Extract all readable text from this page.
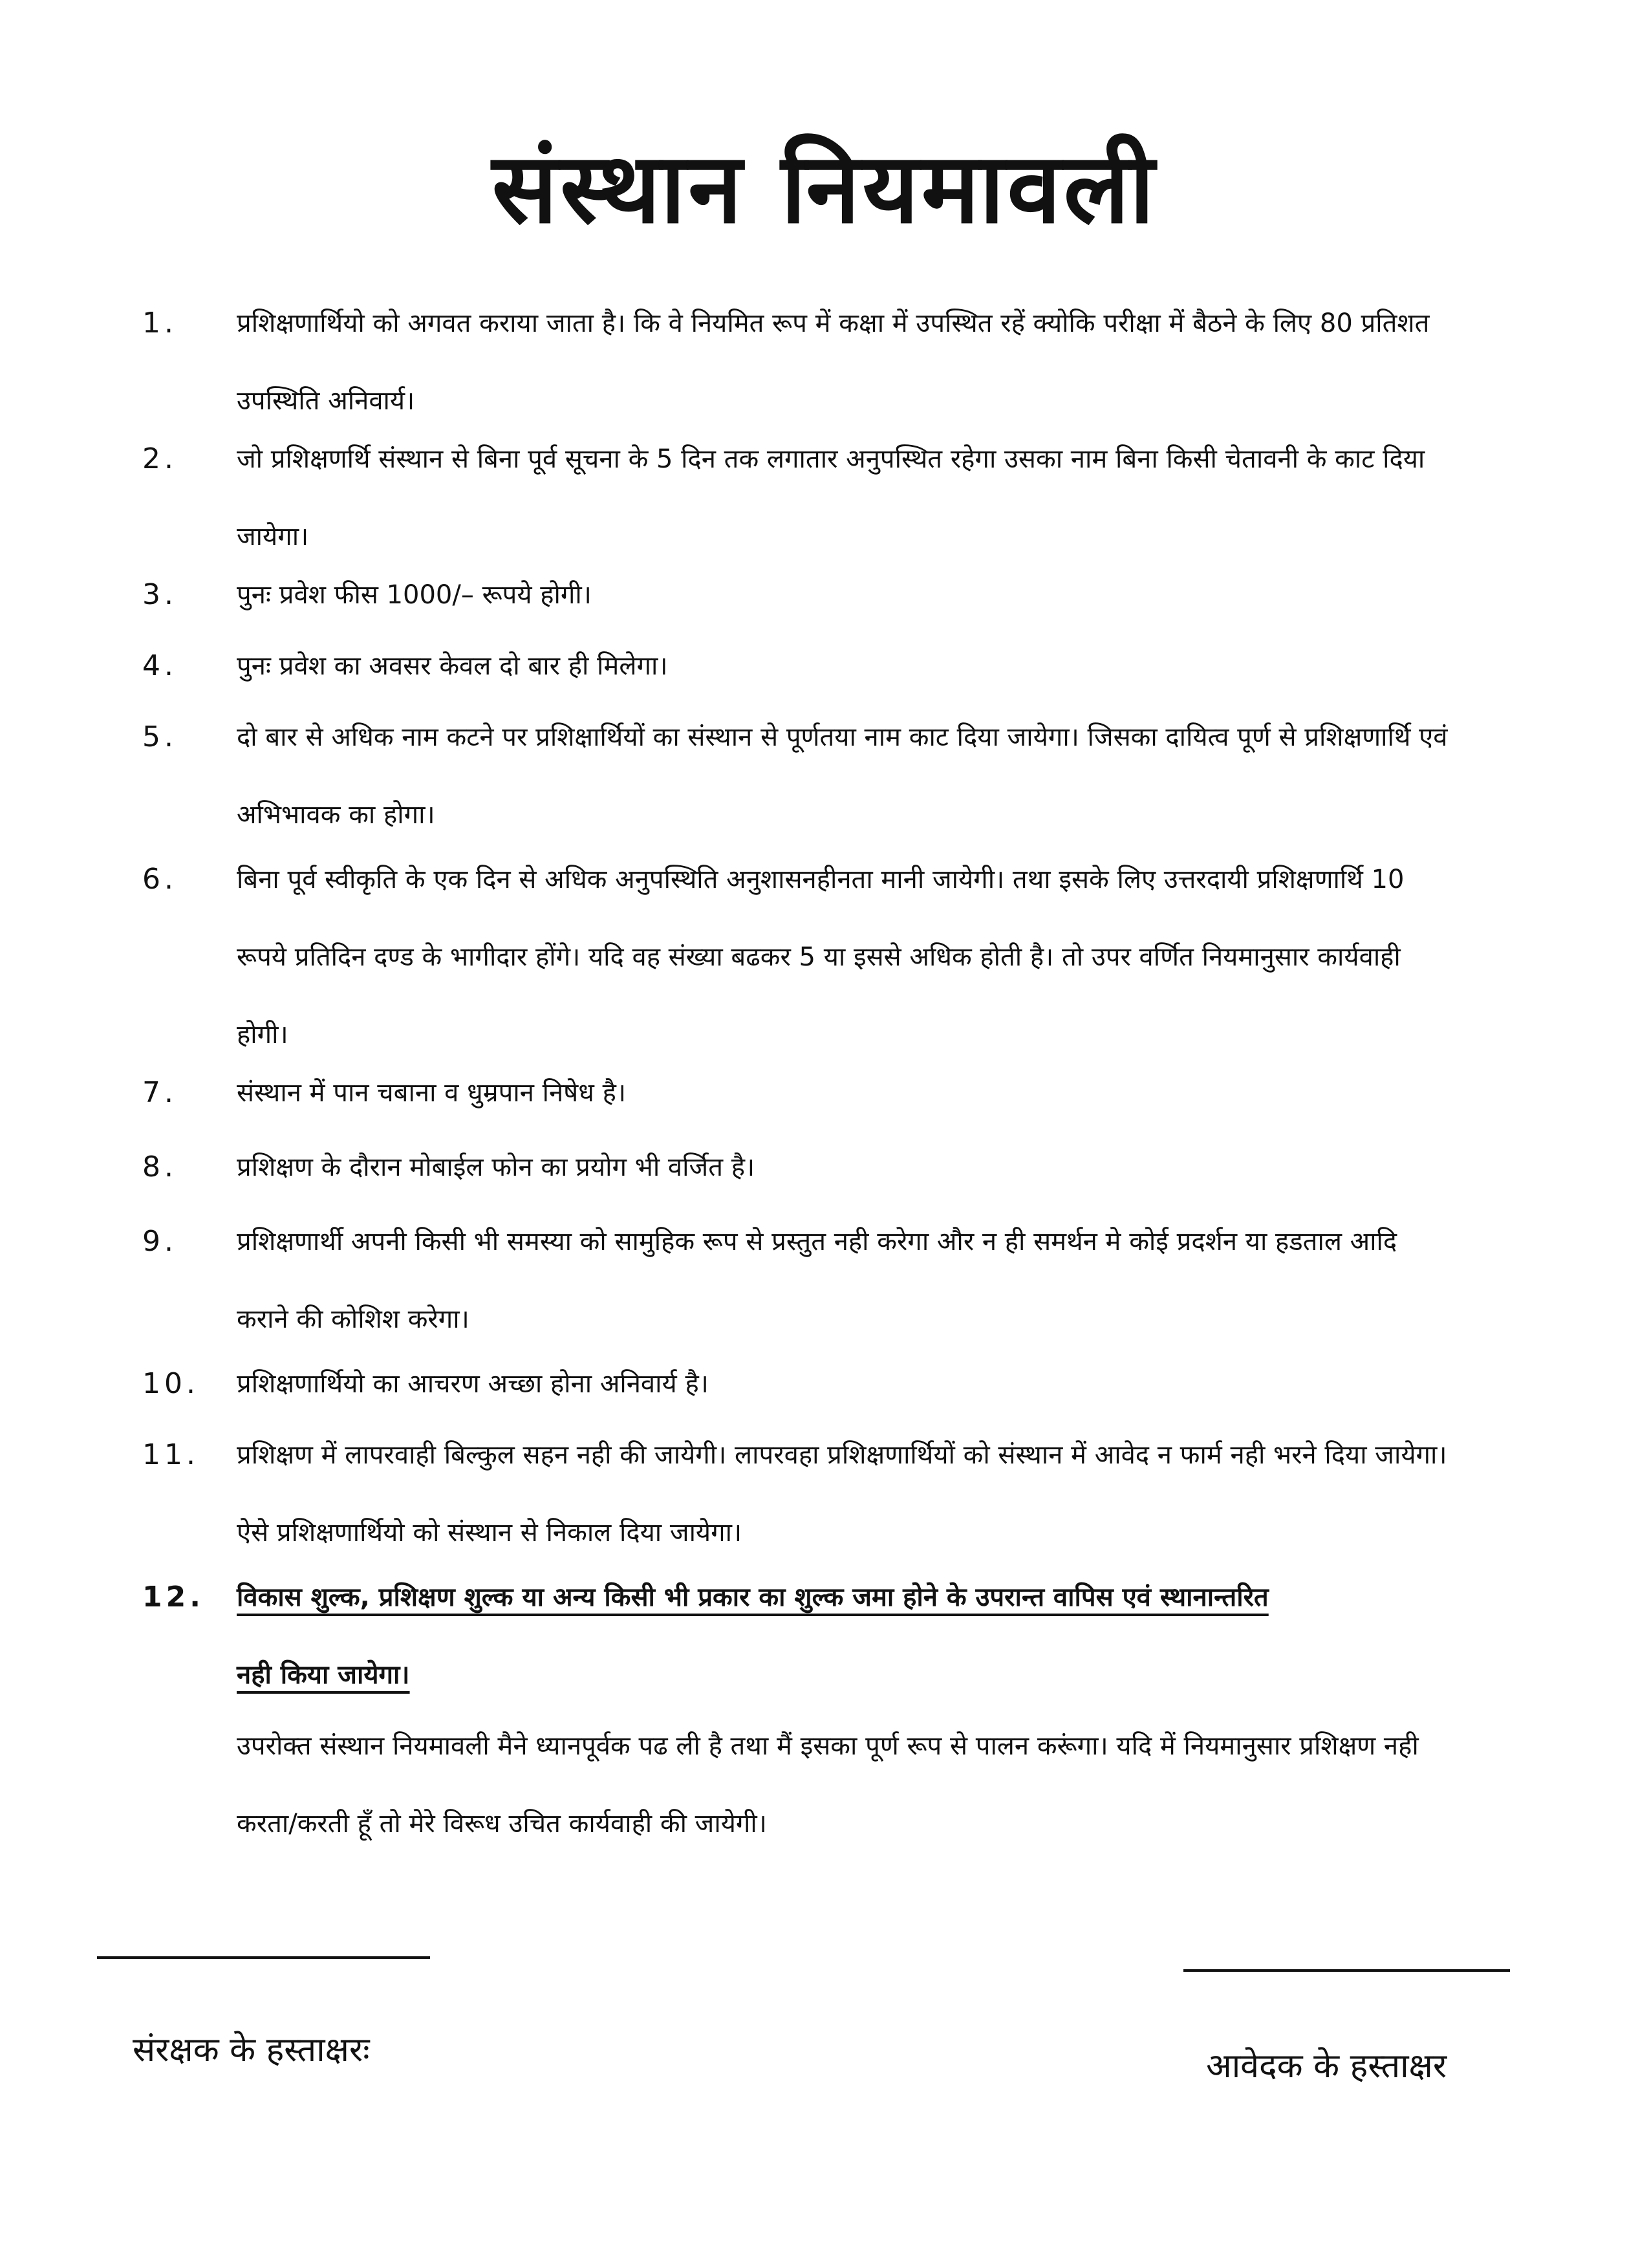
संस्थान नियमावली
1.	प्रशिक्षणार्थियो को अगवत कराया जाता है। कि वे नियमित रूप में कक्षा में उपस्थित रहें क्योकि परीक्षा में बैठने के लिए 80 प्रतिशत
उपस्थिति अनिवार्य।
2.	जो प्रशिक्षणर्थि संस्थान से बिना पूर्व सूचना के 5 दिन तक लगातार अनुपस्थित रहेगा उसका नाम बिना किसी चेतावनी के काट दिया
जायेगा।
3.	पुनः प्रवेश फीस 1000/– रूपये होगी।
4.	पुनः प्रवेश का अवसर केवल दो बार ही मिलेगा।
5.	दो बार से अधिक नाम कटने पर प्रशिक्षार्थियों का संस्थान से पूर्णतया नाम काट दिया जायेगा। जिसका दायित्व पूर्ण से प्रशिक्षणार्थि एवं
अभिभावक का होगा।
6.	बिना पूर्व स्वीकृति के एक दिन से अधिक अनुपस्थिति अनुशासनहीनता मानी जायेगी। तथा इसके लिए उत्तरदायी प्रशिक्षणार्थि 10
रूपये प्रतिदिन दण्ड के भागीदार होंगे। यदि वह संख्या बढकर 5 या इससे अधिक होती है। तो उपर वर्णित नियमानुसार कार्यवाही
होगी।
7.	संस्थान में पान चबाना व धुम्रपान निषेध है।
8.	प्रशिक्षण के दौरान मोबाईल फोन का प्रयोग भी वर्जित है।
9.	प्रशिक्षणार्थी अपनी किसी भी समस्या को सामुहिक रूप से प्रस्तुत नही करेगा और न ही समर्थन मे कोई प्रदर्शन या हडताल आदि
कराने की कोशिश करेगा।
10.	प्रशिक्षणार्थियो का आचरण अच्छा होना अनिवार्य है।
11.	प्रशिक्षण में लापरवाही बिल्कुल सहन नही की जायेगी। लापरवहा प्रशिक्षणार्थियों को संस्थान में आवेद न फार्म नही भरने दिया जायेगा।
ऐसे प्रशिक्षणार्थियो को संस्थान से निकाल दिया जायेगा।
12.	विकास शुल्क, प्रशिक्षण शुल्क या अन्य किसी भी प्रकार का शुल्क जमा होने के उपरान्त वापिस एवं स्थानान्तरित
नही किया जायेगा।
उपरोक्त संस्थान नियमावली मैने ध्यानपूर्वक पढ ली है तथा मैं इसका पूर्ण रूप से पालन करूंगा। यदि में नियमानुसार प्रशिक्षण नही
करता/करती हूँ तो मेरे विरूध उचित कार्यवाही की जायेगी।
संरक्षक के हस्ताक्षरः	आवेदक के हस्ताक्षर
